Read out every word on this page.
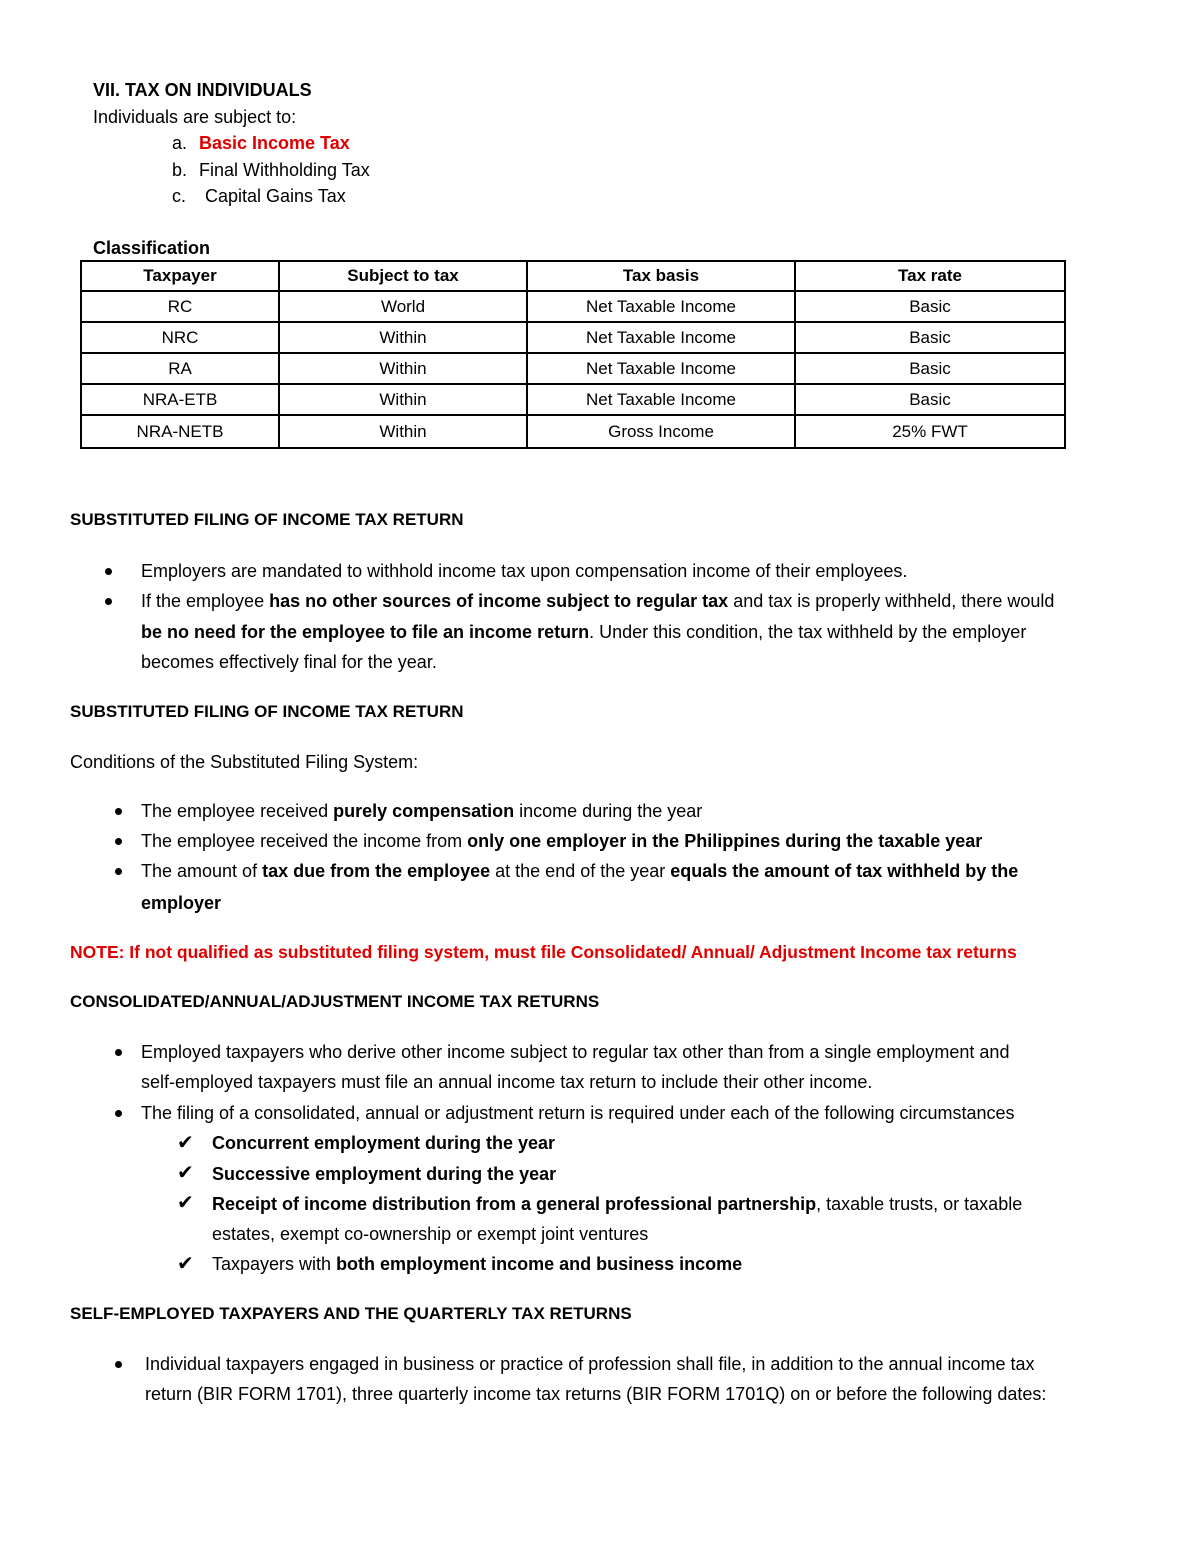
VII. TAX ON INDIVIDUALS
Individuals are subject to:
a. Basic Income Tax
b. Final Withholding Tax
c. Capital Gains Tax
Classification
Taxpayer	Subject to tax	Tax basis	Tax rate
RC	World	Net Taxable Income	Basic
NRC	Within	Net Taxable Income	Basic
RA	Within	Net Taxable Income	Basic
NRA-ETB	Within	Net Taxable Income	Basic
NRA-NETB	Within	Gross Income	25% FWT
SUBSTITUTED FILING OF INCOME TAX RETURN
Employers are mandated to withhold income tax upon compensation income of their employees.
If the employee has no other sources of income subject to regular tax and tax is properly withheld, there would
be no need for the employee to file an income return. Under this condition, the tax withheld by the employer
becomes effectively final for the year.
SUBSTITUTED FILING OF INCOME TAX RETURN
Conditions of the Substituted Filing System:
The employee received purely compensation income during the year
The employee received the income from only one employer in the Philippines during the taxable year
The amount of tax due from the employee at the end of the year equals the amount of tax withheld by the
employer
NOTE: If not qualified as substituted filing system, must file Consolidated/ Annual/ Adjustment Income tax returns
CONSOLIDATED/ANNUAL/ADJUSTMENT INCOME TAX RETURNS
Employed taxpayers who derive other income subject to regular tax other than from a single employment and
self-employed taxpayers must file an annual income tax return to include their other income.
The filing of a consolidated, annual or adjustment return is required under each of the following circumstances
✔ Concurrent employment during the year
✔ Successive employment during the year
✔ Receipt of income distribution from a general professional partnership, taxable trusts, or taxable
estates, exempt co-ownership or exempt joint ventures
✔ Taxpayers with both employment income and business income
SELF-EMPLOYED TAXPAYERS AND THE QUARTERLY TAX RETURNS
Individual taxpayers engaged in business or practice of profession shall file, in addition to the annual income tax
return (BIR FORM 1701), three quarterly income tax returns (BIR FORM 1701Q) on or before the following dates:
